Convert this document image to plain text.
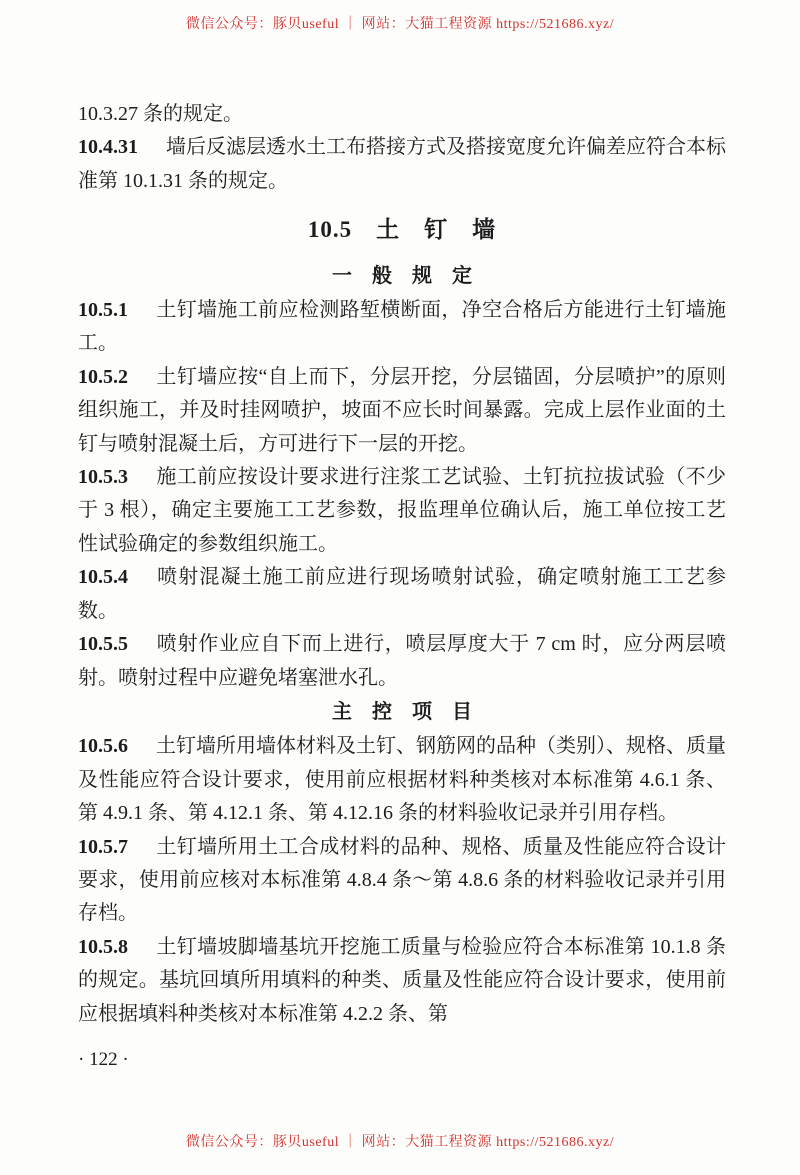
微信公众号：豚贝useful ｜ 网站：大猫工程资源 https://521686.xyz/

10.3.27 条的规定。

10.4.31 墙后反滤层透水土工布搭接方式及搭接宽度允许偏差应符合本标准第 10.1.31 条的规定。

10.5　土　钉　墙
一　般　规　定

10.5.1 土钉墙施工前应检测路堑横断面，净空合格后方能进行土钉墙施工。

10.5.2 土钉墙应按“自上而下，分层开挖，分层锚固，分层喷护”的原则组织施工，并及时挂网喷护，坡面不应长时间暴露。完成上层作业面的土钉与喷射混凝土后，方可进行下一层的开挖。

10.5.3 施工前应按设计要求进行注浆工艺试验、土钉抗拉拔试验（不少于 3 根），确定主要施工工艺参数，报监理单位确认后，施工单位按工艺性试验确定的参数组织施工。

10.5.4 喷射混凝土施工前应进行现场喷射试验，确定喷射施工工艺参数。

10.5.5 喷射作业应自下而上进行，喷层厚度大于 7 cm 时，应分两层喷射。喷射过程中应避免堵塞泄水孔。

主　控　项　目

10.5.6 土钉墙所用墙体材料及土钉、钢筋网的品种（类别）、规格、质量及性能应符合设计要求，使用前应根据材料种类核对本标准第 4.6.1 条、第 4.9.1 条、第 4.12.1 条、第 4.12.16 条的材料验收记录并引用存档。

10.5.7 土钉墙所用土工合成材料的品种、规格、质量及性能应符合设计要求，使用前应核对本标准第 4.8.4 条～第 4.8.6 条的材料验收记录并引用存档。

10.5.8 土钉墙坡脚墙基坑开挖施工质量与检验应符合本标准第 10.1.8 条的规定。基坑回填所用填料的种类、质量及性能应符合设计要求，使用前应根据填料种类核对本标准第 4.2.2 条、第

· 122 ·
微信公众号：豚贝useful ｜ 网站：大猫工程资源 https://521686.xyz/
